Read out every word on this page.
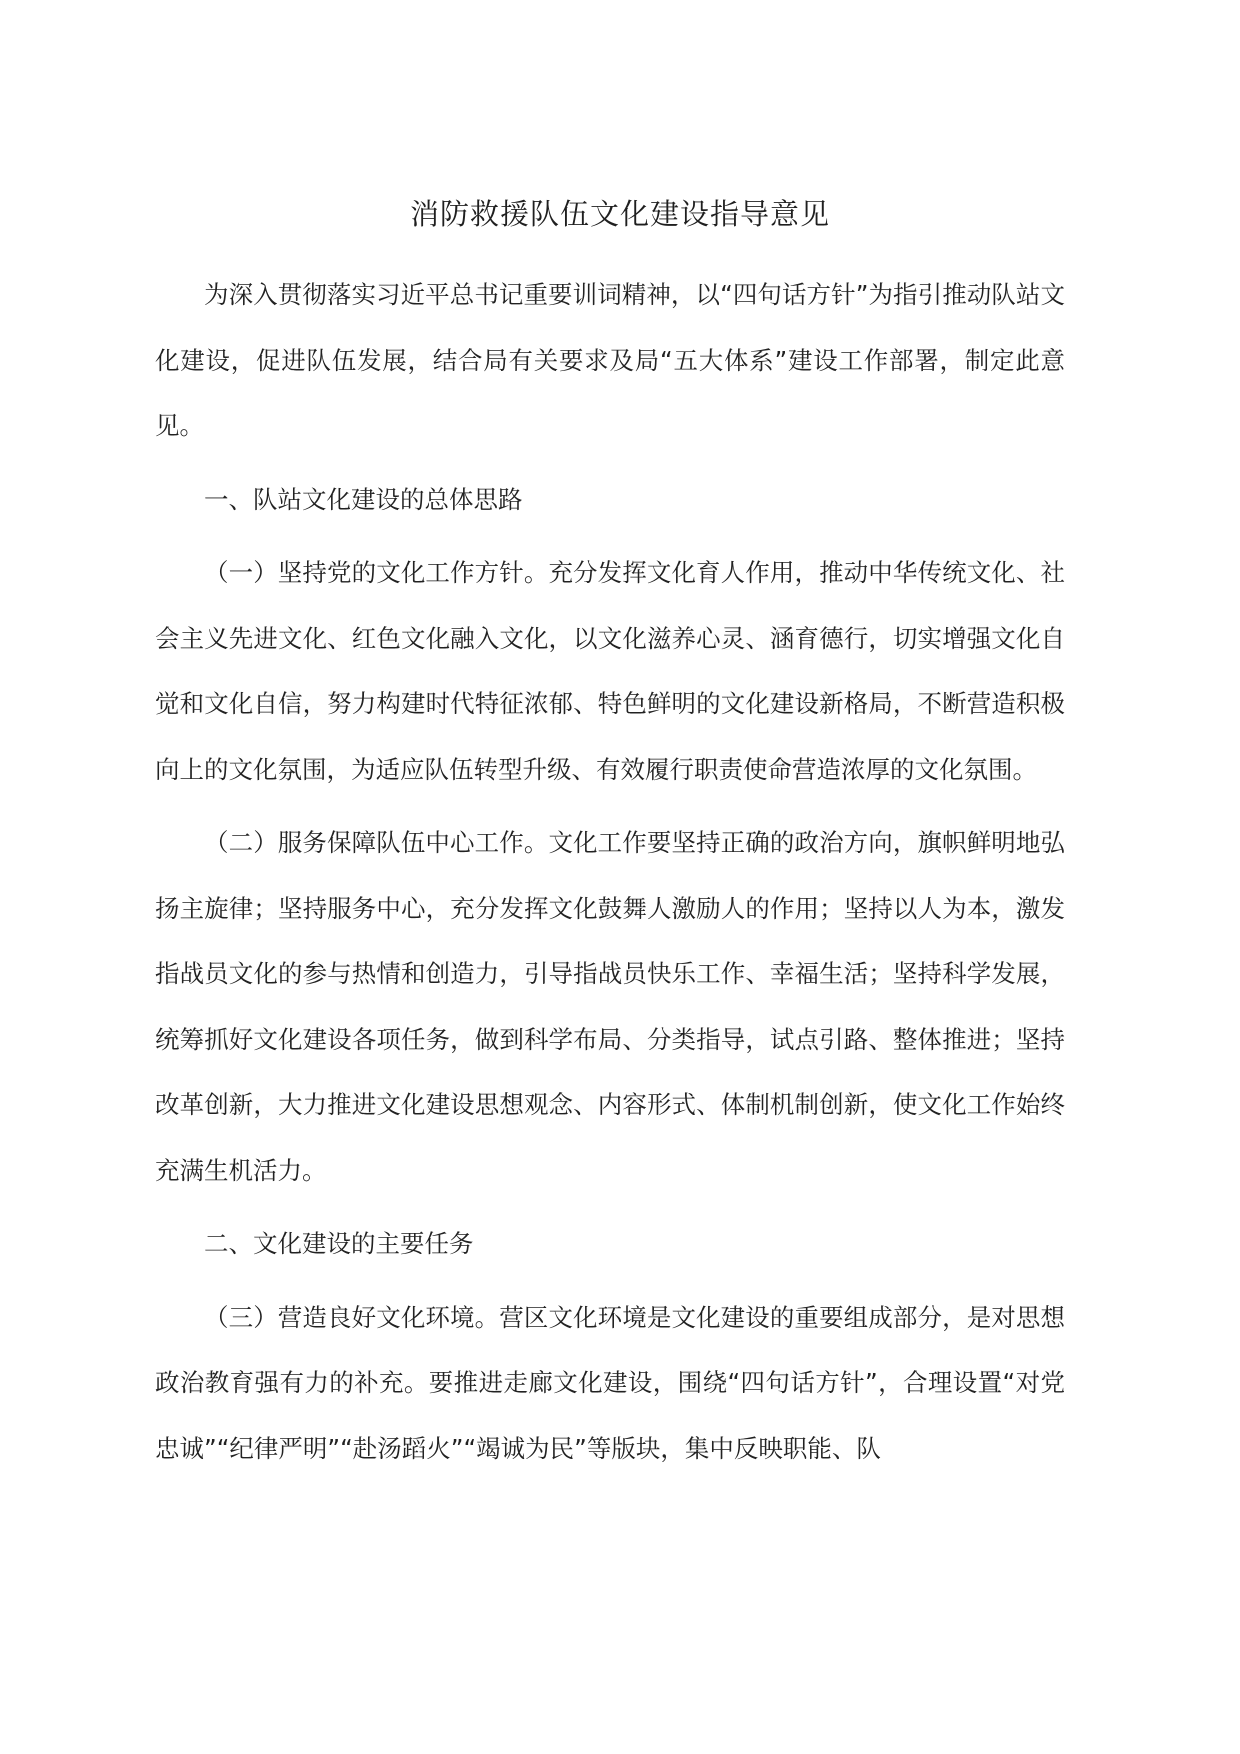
消防救援队伍文化建设指导意见

为深入贯彻落实习近平总书记重要训词精神，以“四句话方针”为指引推动队站文化建设，促进队伍发展，结合局有关要求及局“五大体系”建设工作部署，制定此意见。

一、队站文化建设的总体思路

（一）坚持党的文化工作方针。充分发挥文化育人作用，推动中华传统文化、社会主义先进文化、红色文化融入文化，以文化滋养心灵、涵育德行，切实增强文化自觉和文化自信，努力构建时代特征浓郁、特色鲜明的文化建设新格局，不断营造积极向上的文化氛围，为适应队伍转型升级、有效履行职责使命营造浓厚的文化氛围。

（二）服务保障队伍中心工作。文化工作要坚持正确的政治方向，旗帜鲜明地弘扬主旋律；坚持服务中心，充分发挥文化鼓舞人激励人的作用；坚持以人为本，激发指战员文化的参与热情和创造力，引导指战员快乐工作、幸福生活；坚持科学发展，统筹抓好文化建设各项任务，做到科学布局、分类指导，试点引路、整体推进；坚持改革创新，大力推进文化建设思想观念、内容形式、体制机制创新，使文化工作始终充满生机活力。

二、文化建设的主要任务

（三）营造良好文化环境。营区文化环境是文化建设的重要组成部分，是对思想政治教育强有力的补充。要推进走廊文化建设，围绕“四句话方针”，合理设置“对党忠诚”“纪律严明”“赴汤蹈火”“竭诚为民”等版块，集中反映职能、队
